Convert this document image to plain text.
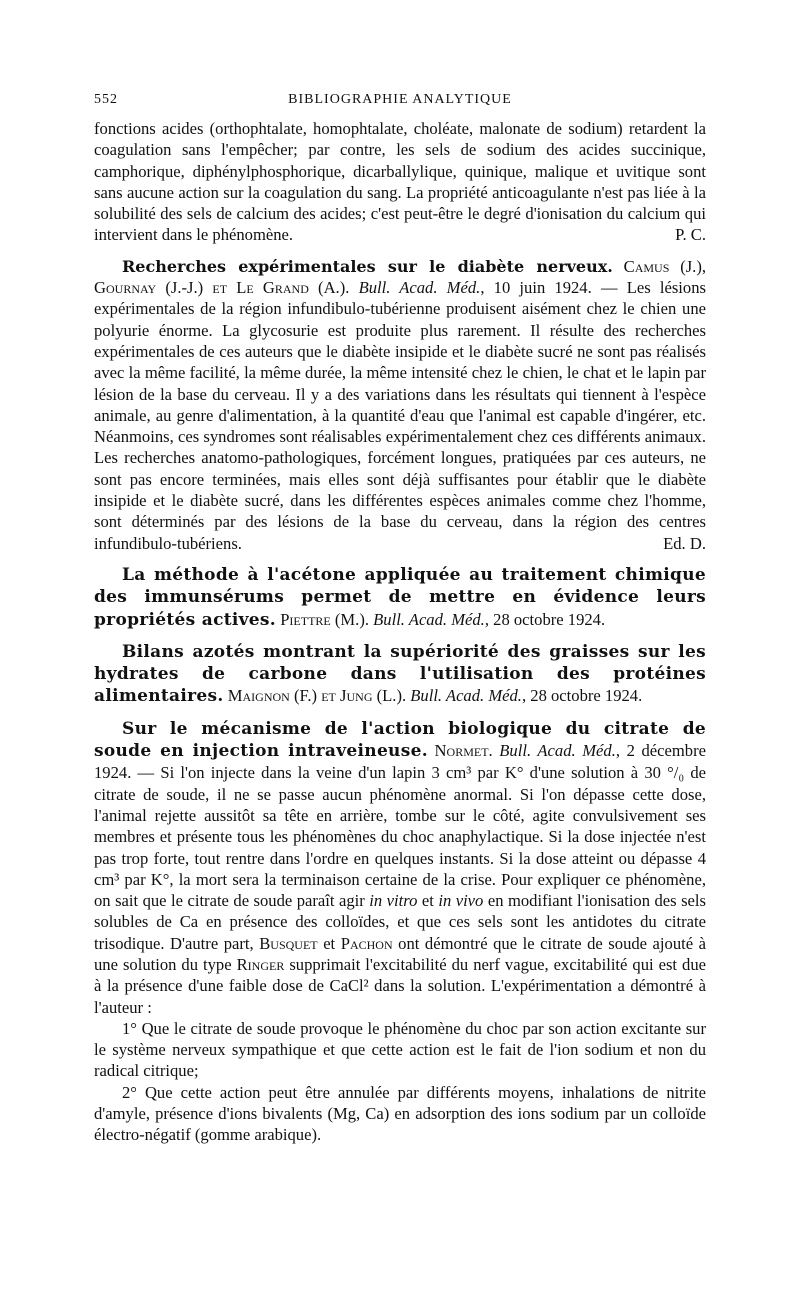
552	BIBLIOGRAPHIE ANALYTIQUE

fonctions acides (orthophtalate, homophtalate, choléate, malonate de sodium) retardent la coagulation sans l'empêcher; par contre, les sels de sodium des acides succinique, camphorique, diphénylphosphorique, dicarballylique, quinique, malique et uvitique sont sans aucune action sur la coagulation du sang. La propriété anticoagulante n'est pas liée à la solubilité des sels de calcium des acides; c'est peut-être le degré d'ionisation du calcium qui intervient dans le phénomène.	P. C.

Recherches expérimentales sur le diabète nerveux. Camus (J.), Gournay (J.-J.) et Le Grand (A.). Bull. Acad. Méd., 10 juin 1924. — Les lésions expérimentales de la région infundibulo-tubérienne produisent aisément chez le chien une polyurie énorme. La glycosurie est produite plus rarement. Il résulte des recherches expérimentales de ces auteurs que le diabète insipide et le diabète sucré ne sont pas réalisés avec la même facilité, la même durée, la même intensité chez le chien, le chat et le lapin par lésion de la base du cerveau. Il y a des variations dans les résultats qui tiennent à l'espèce animale, au genre d'alimentation, à la quantité d'eau que l'animal est capable d'ingérer, etc. Néanmoins, ces syndromes sont réalisables expérimentalement chez ces différents animaux. Les recherches anatomo-pathologiques, forcément longues, pratiquées par ces auteurs, ne sont pas encore terminées, mais elles sont déjà suffisantes pour établir que le diabète insipide et le diabète sucré, dans les différentes espèces animales comme chez l'homme, sont déterminés par des lésions de la base du cerveau, dans la région des centres infundibulo-tubériens.	Ed. D.

La méthode à l'acétone appliquée au traitement chimique des immunsérums permet de mettre en évidence leurs propriétés actives. Piettre (M.). Bull. Acad. Méd., 28 octobre 1924.

Bilans azotés montrant la supériorité des graisses sur les hydrates de carbone dans l'utilisation des protéines alimentaires. Maignon (F.) et Jung (L.). Bull. Acad. Méd., 28 octobre 1924.

Sur le mécanisme de l'action biologique du citrate de soude en injection intraveineuse. Normet. Bull. Acad. Méd., 2 décembre 1924. — Si l'on injecte dans la veine d'un lapin 3 cm³ par K° d'une solution à 30 °/₀ de citrate de soude, il ne se passe aucun phénomène anormal. Si l'on dépasse cette dose, l'animal rejette aussitôt sa tête en arrière, tombe sur le côté, agite convulsivement ses membres et présente tous les phénomènes du choc anaphylactique. Si la dose injectée n'est pas trop forte, tout rentre dans l'ordre en quelques instants. Si la dose atteint ou dépasse 4 cm³ par K°, la mort sera la terminaison certaine de la crise. Pour expliquer ce phénomène, on sait que le citrate de soude paraît agir in vitro et in vivo en modifiant l'ionisation des sels solubles de Ca en présence des colloïdes, et que ces sels sont les antidotes du citrate trisodique. D'autre part, Busquet et Pachon ont démontré que le citrate de soude ajouté à une solution du type Ringer supprimait l'excitabilité du nerf vague, excitabilité qui est due à la présence d'une faible dose de CaCl² dans la solution. L'expérimentation a démontré à l'auteur :

1° Que le citrate de soude provoque le phénomène du choc par son action excitante sur le système nerveux sympathique et que cette action est le fait de l'ion sodium et non du radical citrique;

2° Que cette action peut être annulée par différents moyens, inhalations de nitrite d'amyle, présence d'ions bivalents (Mg, Ca) en adsorption des ions sodium par un colloïde électro-négatif (gomme arabique).
